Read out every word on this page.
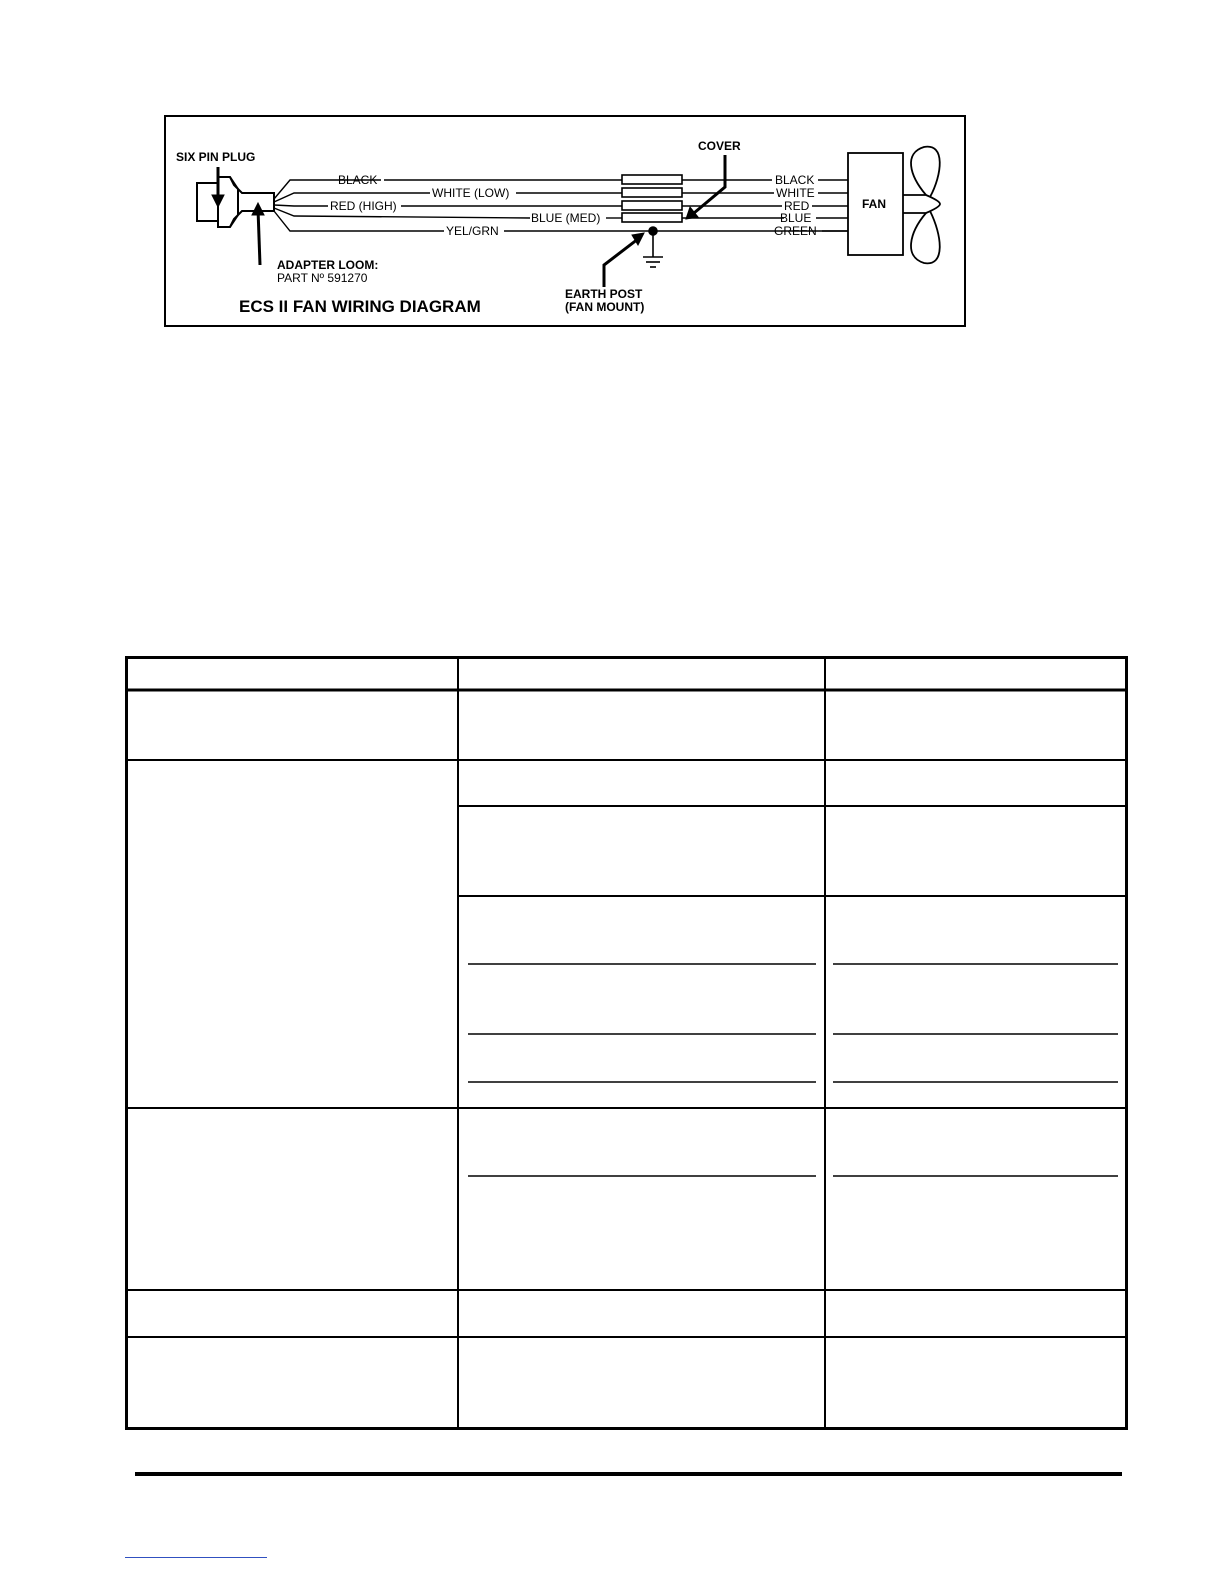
SIX PIN PLUG
BLACK
WHITE (LOW)
RED (HIGH)
BLUE (MED)
YEL/GRN
COVER
BLACK
WHITE
RED
BLUE
GREEN
FAN
ADAPTER LOOM:
PART Nº 591270
EARTH POST
(FAN MOUNT)
ECS II FAN WIRING DIAGRAM
